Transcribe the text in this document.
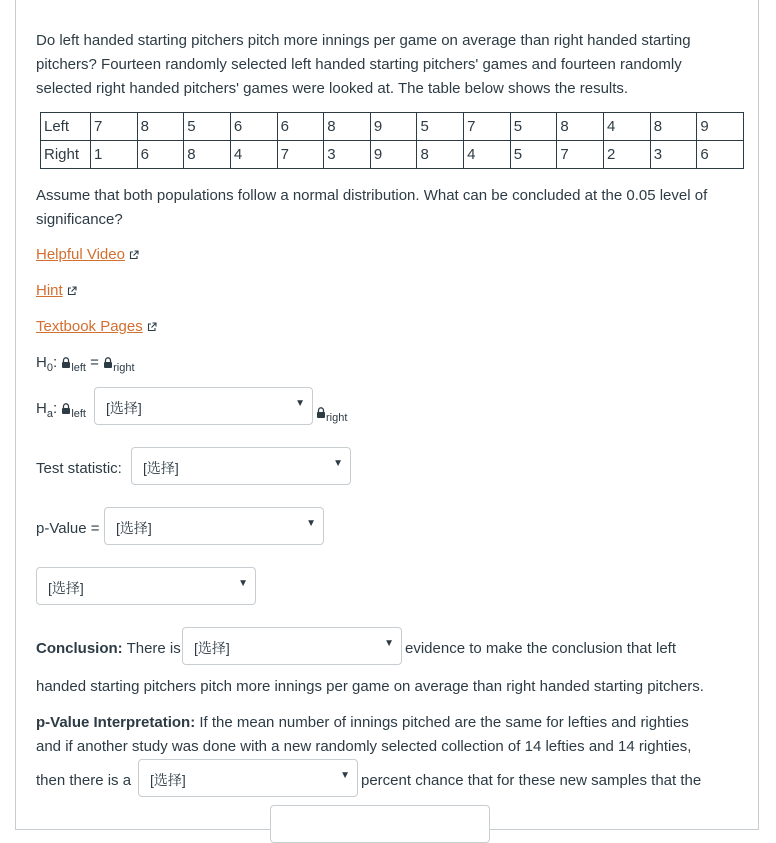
Do left handed starting pitchers pitch more innings per game on average than right handed starting pitchers? Fourteen randomly selected left handed starting pitchers' games and fourteen randomly selected right handed pitchers' games were looked at. The table below shows the results.

Left	7	8	5	6	6	8	9	5	7	5	8	4	8	9
Right	1	6	8	4	7	3	9	8	4	5	7	2	3	6

Assume that both populations follow a normal distribution. What can be concluded at the 0.05 level of significance?

Helpful Video
Hint
Textbook Pages
$H_0$: $_{left}$ = $_{right}$
$H_a$: $_{left}$ [选择]	▼
$_{right}$
Test statistic: [选择]	▼
p-Value = [选择]	▼
[选择]	▼
Conclusion: There is [选择]	▼ evidence to make the conclusion that left
handed starting pitchers pitch more innings per game on average than right handed starting pitchers.
p-Value Interpretation: If the mean number of innings pitched are the same for lefties and righties
and if another study was done with a new randomly selected collection of 14 lefties and 14 righties,
then there is a [选择]	▼ percent chance that for these new samples that the
